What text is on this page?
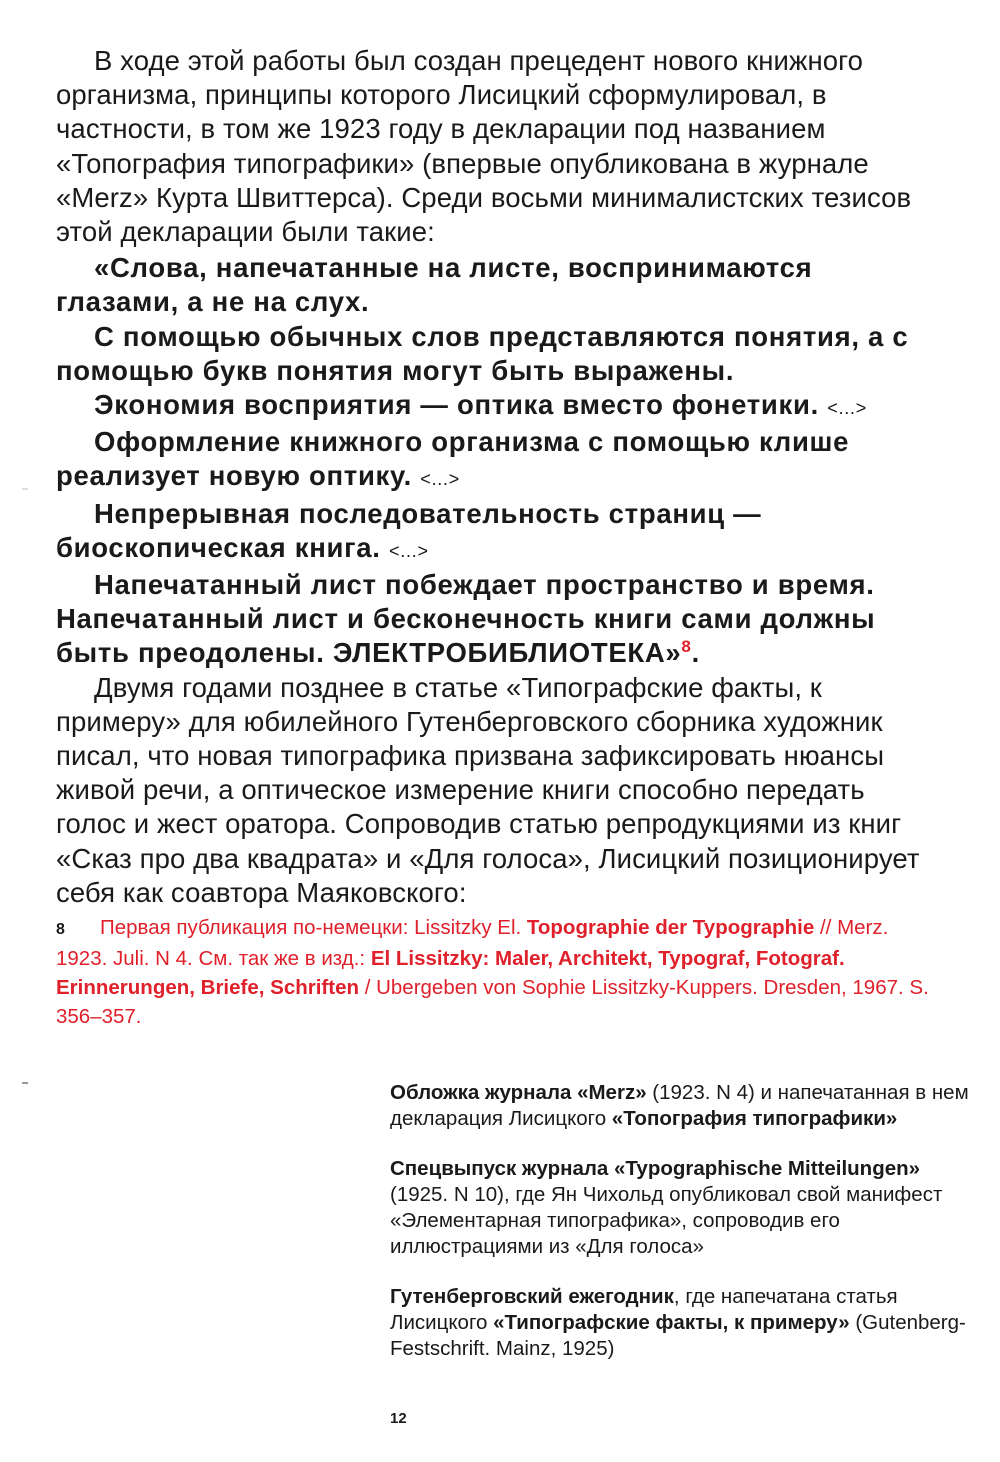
В ходе этой работы был создан прецедент нового книжного организма, принципы которого Лисицкий сформулировал, в частности, в том же 1923 году в декларации под названием «Топография типографики» (впервые опубликована в журнале «Merz» Курта Швиттерса). Среди восьми минималистских тезисов этой декларации были такие:

«Слова, напечатанные на листе, воспринимаются глазами, а не на слух.

С помощью обычных слов представляются понятия, а с помощью букв понятия могут быть выражены.

Экономия восприятия — оптика вместо фонетики. <…>

Оформление книжного организма с помощью клише реализует новую оптику. <…>

Непрерывная последовательность страниц — биоскопическая книга. <…>

Напечатанный лист побеждает пространство и время. Напечатанный лист и бесконечность книги сами должны быть преодолены. ЭЛЕКТРОБИБЛИОТЕКА»$^8$.

Двумя годами позднее в статье «Типографские факты, к примеру» для юбилейного Гутенберговского сборника художник писал, что новая типографика призвана зафиксировать нюансы живой речи, а оптическое измерение книги способно передать голос и жест оратора. Сопроводив статью репродукциями из книг «Сказ про два квадрата» и «Для голоса», Лисицкий позиционирует себя как соавтора Маяковского:

8 Первая публикация по-немецки: Lissitzky El. Topographie der Typographie // Merz. 1923. Juli. N 4. См. так же в изд.: El Lissitzky: Maler, Architekt, Typograf, Fotograf. Erinnerungen, Briefe, Schriften / Ubergeben von Sophie Lissitzky-Kuppers. Dresden, 1967. S. 356–357.

Обложка журнала «Merz» (1923. N 4) и напечатанная в нем декларация Лисицкого «Топография типографики»

Спецвыпуск журнала «Typographische Mitteilungen» (1925. N 10), где Ян Чихольд опубликовал свой манифест «Элементарная типографика», сопроводив его иллюстрациями из «Для голоса»

Гутенберговский ежегодник, где напечатана статья Лисицкого «Типографские факты, к примеру» (Gutenberg-Festschrift. Mainz, 1925)

12
